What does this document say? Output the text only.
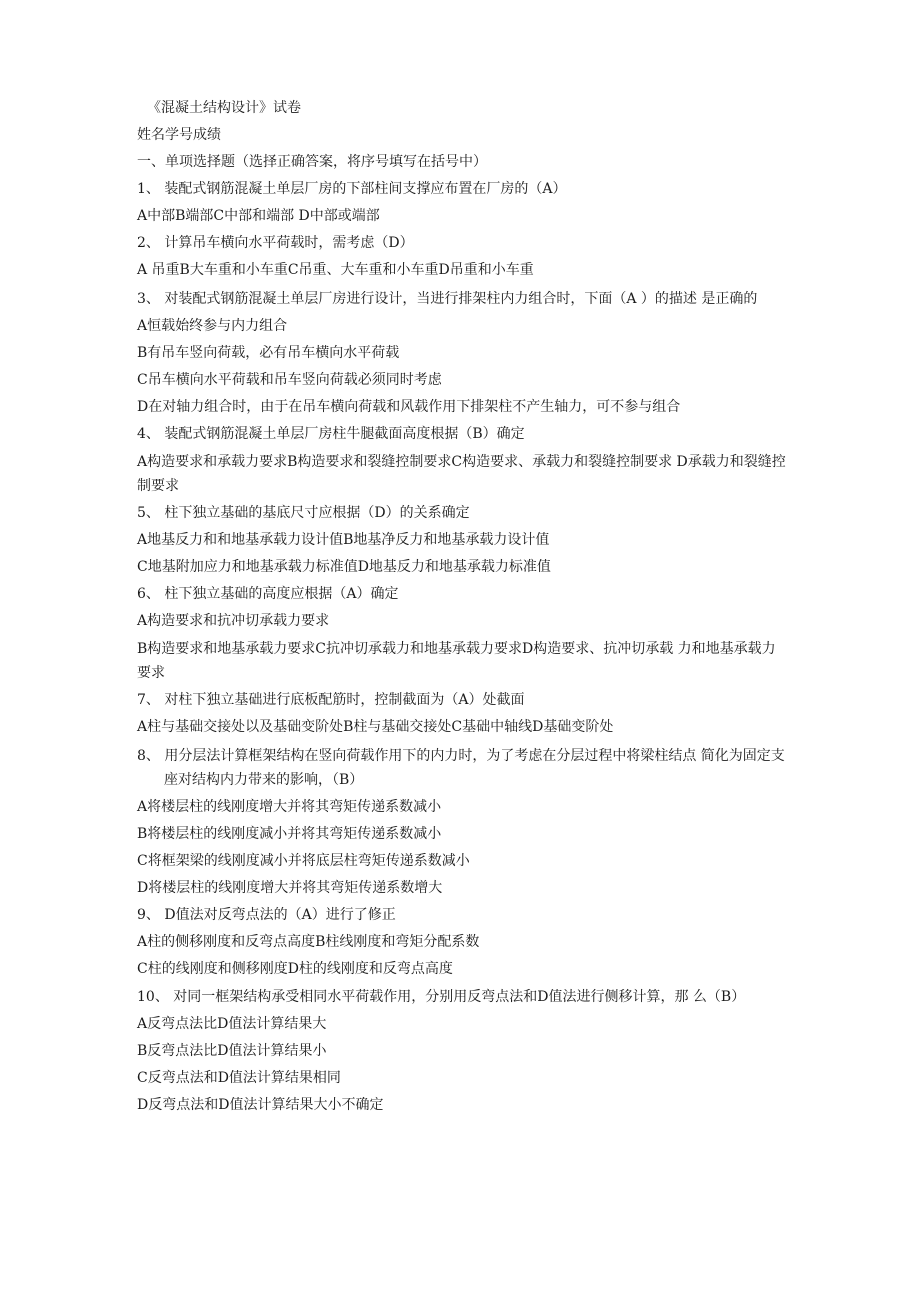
《混凝土结构设计》试卷
姓名学号成绩
一、单项选择题（选择正确答案，将序号填写在括号中）
1、 装配式钢筋混凝土单层厂房的下部柱间支撑应布置在厂房的（A）
A中部B端部C中部和端部 D中部或端部
2、 计算吊车横向水平荷载时，需考虑（D）
A 吊重B大车重和小车重C吊重、大车重和小车重D吊重和小车重
3、 对装配式钢筋混凝土单层厂房进行设计，当进行排架柱内力组合时，下面（A ）的描述 是正确的
A恒载始终参与内力组合
B有吊车竖向荷载，必有吊车横向水平荷载
C吊车横向水平荷载和吊车竖向荷载必须同时考虑
D在对轴力组合时，由于在吊车横向荷载和风载作用下排架柱不产生轴力，可不参与组合
4、 装配式钢筋混凝土单层厂房柱牛腿截面高度根据（B）确定
A构造要求和承载力要求B构造要求和裂缝控制要求C构造要求、承载力和裂缝控制要求 D承载力和裂缝控制要求
5、 柱下独立基础的基底尺寸应根据（D）的关系确定
A地基反力和和地基承载力设计值B地基净反力和地基承载力设计值
C地基附加应力和地基承载力标准值D地基反力和地基承载力标准值
6、 柱下独立基础的高度应根据（A）确定
A构造要求和抗冲切承载力要求
B构造要求和地基承载力要求C抗冲切承载力和地基承载力要求D构造要求、抗冲切承载 力和地基承载力要求
7、 对柱下独立基础进行底板配筋时，控制截面为（A）处截面
A柱与基础交接处以及基础变阶处B柱与基础交接处C基础中轴线D基础变阶处
8、 用分层法计算框架结构在竖向荷载作用下的内力时，为了考虑在分层过程中将梁柱结点 简化为固定支座对结构内力带来的影响，（B）
A将楼层柱的线刚度增大并将其弯矩传递系数减小
B将楼层柱的线刚度减小并将其弯矩传递系数减小
C将框架梁的线刚度减小并将底层柱弯矩传递系数减小
D将楼层柱的线刚度增大并将其弯矩传递系数增大
9、 D值法对反弯点法的（A）进行了修正
A柱的侧移刚度和反弯点高度B柱线刚度和弯矩分配系数
C柱的线刚度和侧移刚度D柱的线刚度和反弯点高度
10、 对同一框架结构承受相同水平荷载作用，分别用反弯点法和D值法进行侧移计算，那 么（B）
A反弯点法比D值法计算结果大
B反弯点法比D值法计算结果小
C反弯点法和D值法计算结果相同
D反弯点法和D值法计算结果大小不确定
